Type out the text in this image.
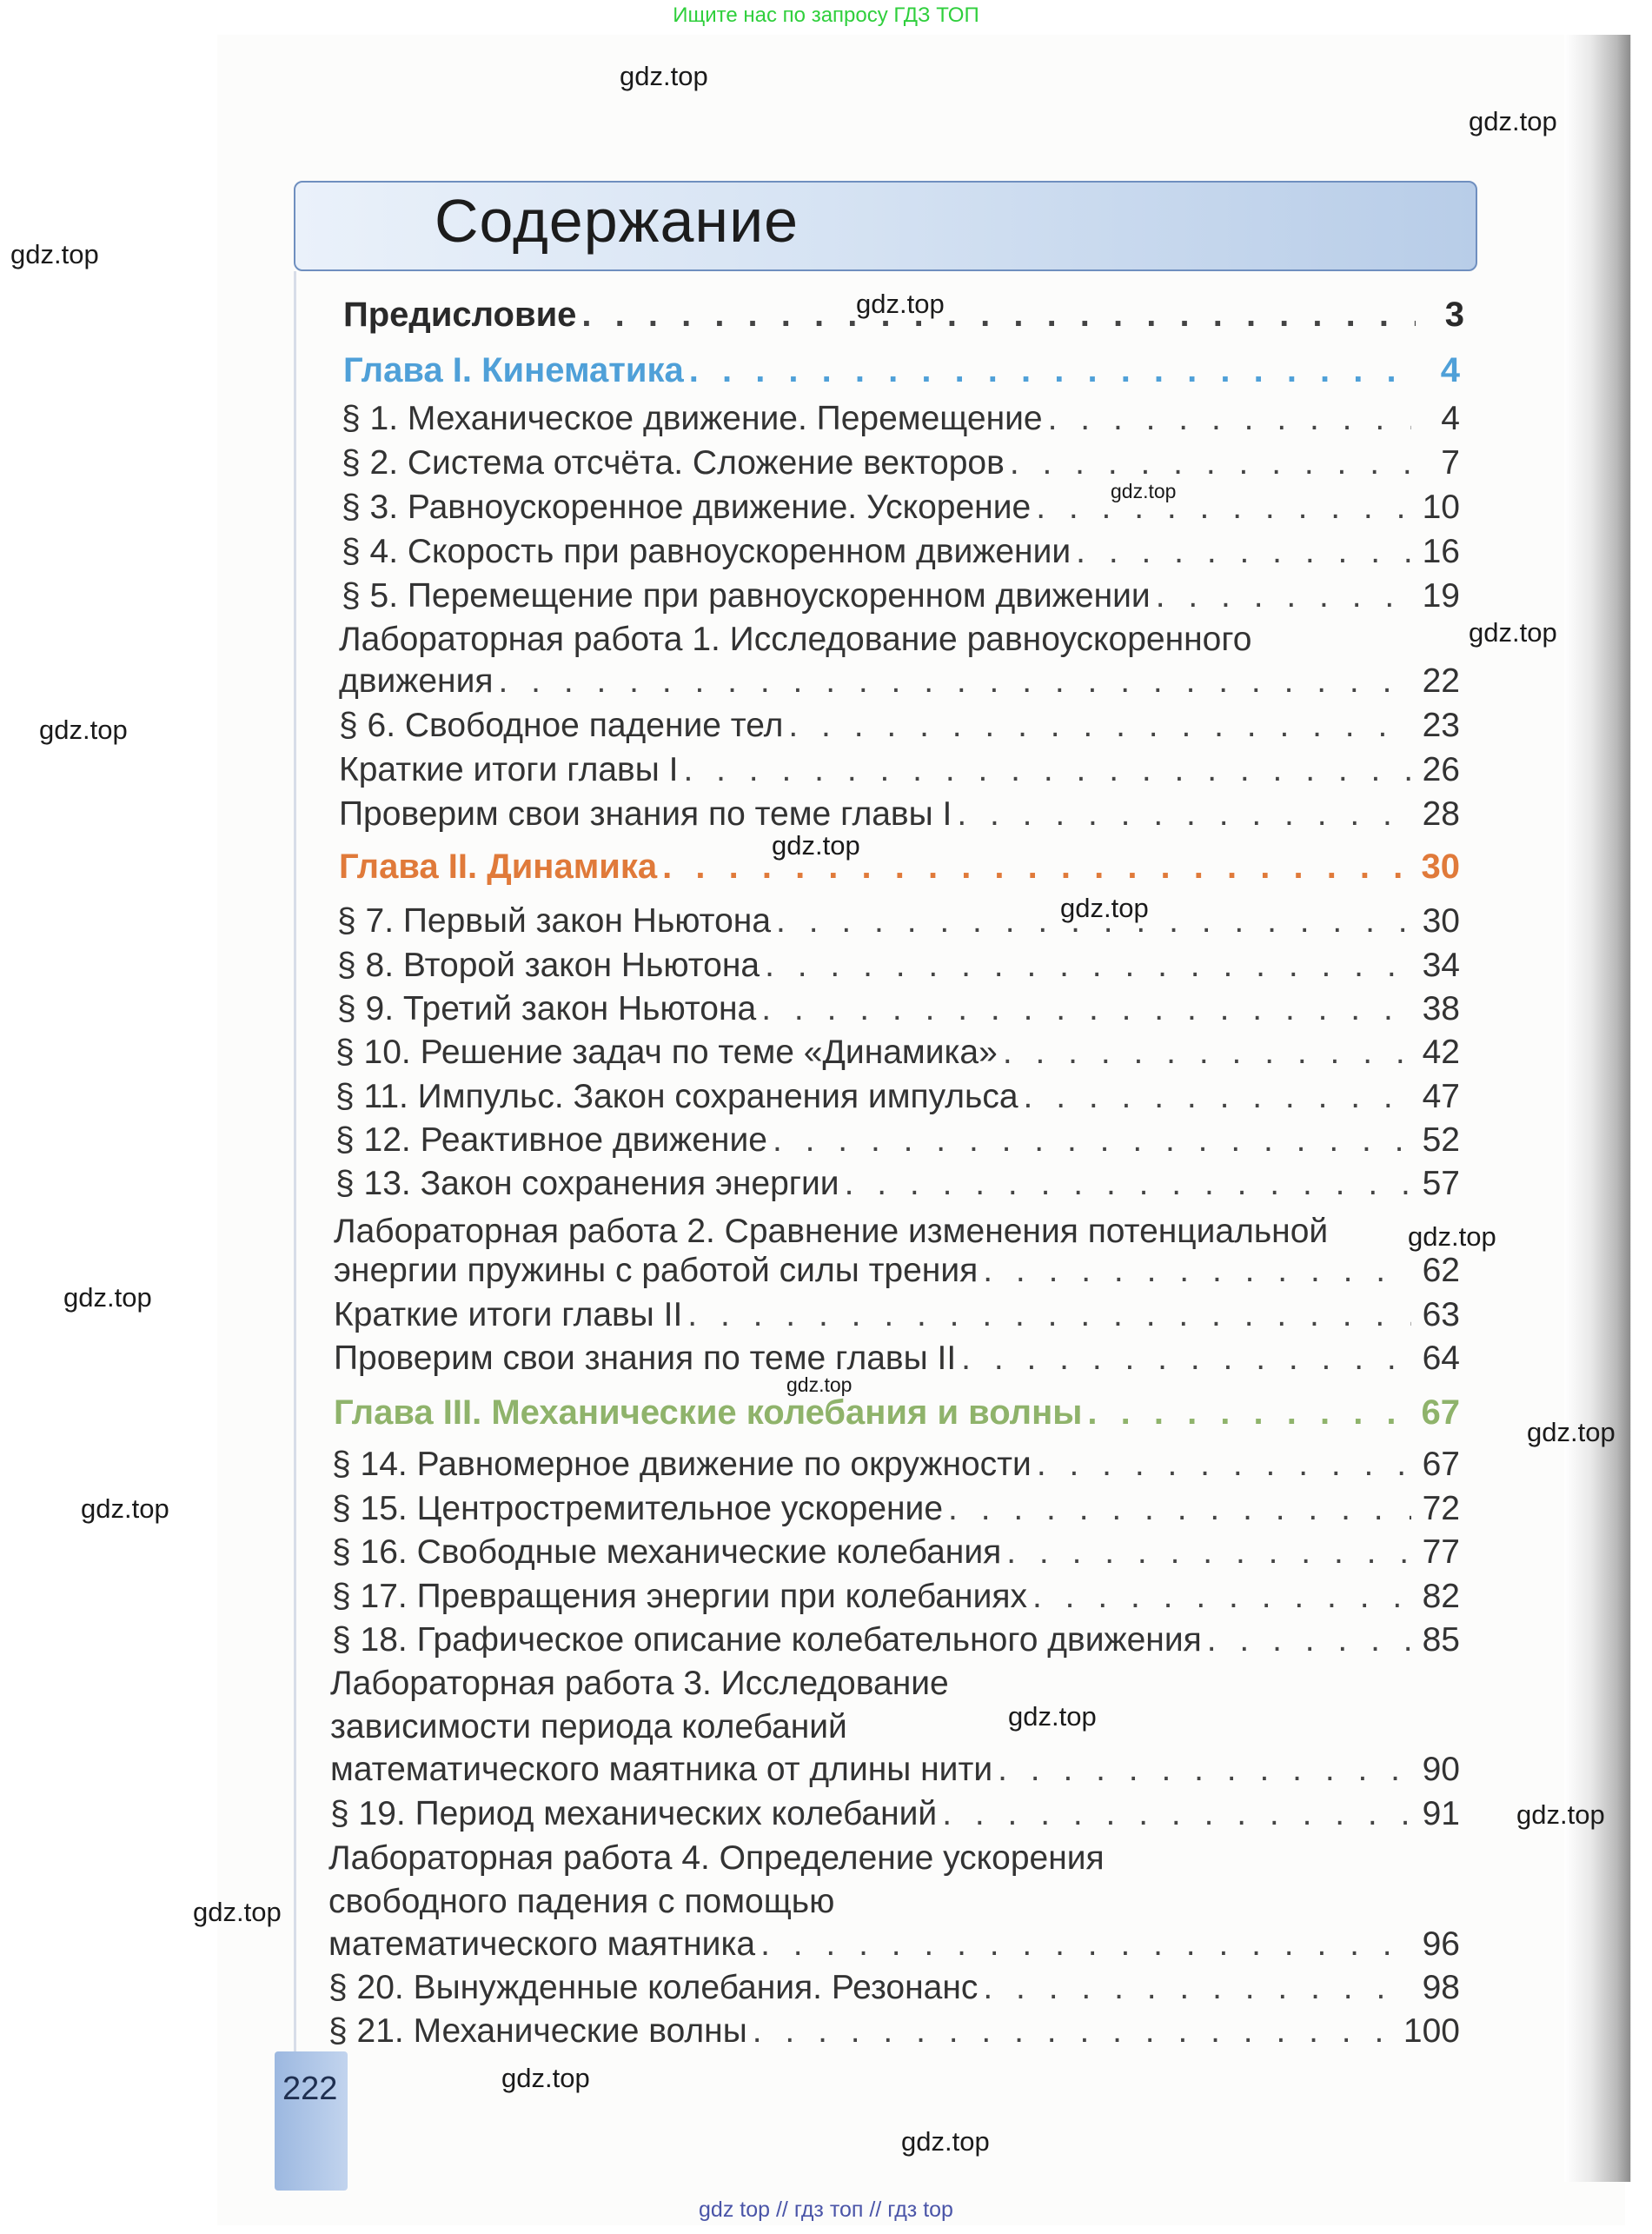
Ищите нас по запросу ГДЗ ТОП
Содержание
Предисловие . . .	3
Глава I. Кинематика . . .	4
§ 1. Механическое движение. Перемещение . . .	4
§ 2. Система отсчёта. Сложение векторов . . .	7
§ 3. Равноускоренное движение. Ускорение . . .	10
§ 4. Скорость при равноускоренном движении . . .	16
§ 5. Перемещение при равноускоренном движении . . .	19
Лабораторная работа 1. Исследование равноускоренного
движения . . .	22
§ 6. Свободное падение тел . . .	23
Краткие итоги главы I . . .	26
Проверим свои знания по теме главы I . . .	28
Глава II. Динамика . . .	30
§ 7. Первый закон Ньютона . . .	30
§ 8. Второй закон Ньютона . . .	34
§ 9. Третий закон Ньютона . . .	38
§ 10. Решение задач по теме «Динамика» . . .	42
§ 11. Импульс. Закон сохранения импульса . . .	47
§ 12. Реактивное движение . . .	52
§ 13. Закон сохранения энергии . . .	57
Лабораторная работа 2. Сравнение изменения потенциальной
энергии пружины с работой силы трения . . .	62
Краткие итоги главы II . . .	63
Проверим свои знания по теме главы II . . .	64
Глава III. Механические колебания и волны . . .	67
§ 14. Равномерное движение по окружности . . .	67
§ 15. Центростремительное ускорение . . .	72
§ 16. Свободные механические колебания . . .	77
§ 17. Превращения энергии при колебаниях . . .	82
§ 18. Графическое описание колебательного движения . . .	85
Лабораторная работа 3. Исследование
зависимости периода колебаний
математического маятника от длины нити . . .	90
§ 19. Период механических колебаний . . .	91
Лабораторная работа 4. Определение ускорения
свободного падения с помощью
математического маятника . . .	96
§ 20. Вынужденные колебания. Резонанс . . .	98
§ 21. Механические волны . . .	100
222
gdz.top
gdz.top
gdz.top
gdz.top
gdz.top
gdz.top
gdz.top
gdz.top
gdz.top
gdz.top
gdz.top
gdz.top
gdz.top
gdz.top
gdz.top
gdz.top
gdz.top
gdz.top
gdz.top
gdz top // гдз топ // гдз top
